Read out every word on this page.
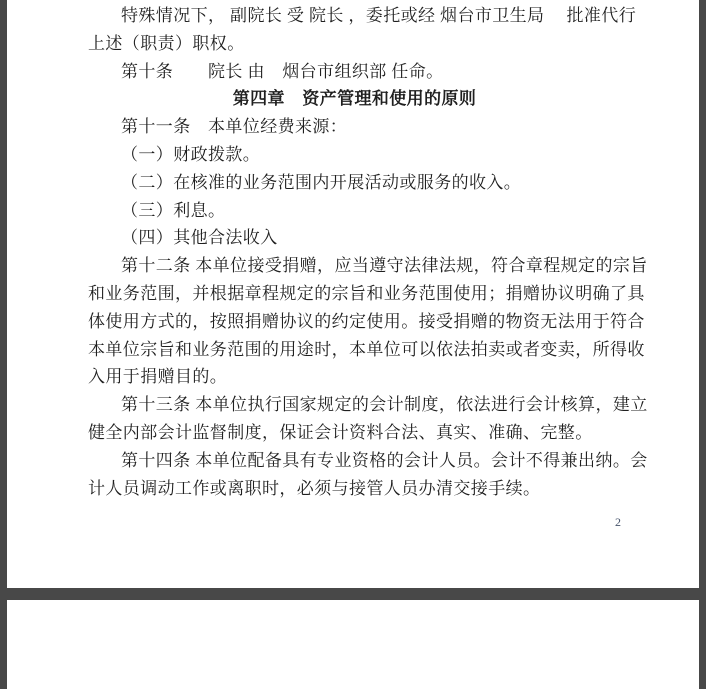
特殊情况下， 副院长 受 院长 ，委托或经 烟台市卫生局　 批准代行
上述（职责）职权。
第十条　　院长 由　烟台市组织部 任命。
第四章　资产管理和使用的原则
第十一条　本单位经费来源：
（一）财政拨款。
（二）在核准的业务范围内开展活动或服务的收入。
（三）利息。
（四）其他合法收入
第十二条 本单位接受捐赠，应当遵守法律法规，符合章程规定的宗旨
和业务范围，并根据章程规定的宗旨和业务范围使用；捐赠协议明确了具
体使用方式的，按照捐赠协议的约定使用。接受捐赠的物资无法用于符合
本单位宗旨和业务范围的用途时，本单位可以依法拍卖或者变卖，所得收
入用于捐赠目的。
第十三条 本单位执行国家规定的会计制度，依法进行会计核算，建立
健全内部会计监督制度，保证会计资料合法、真实、准确、完整。
第十四条 本单位配备具有专业资格的会计人员。会计不得兼出纳。会
计人员调动工作或离职时，必须与接管人员办清交接手续。
2
